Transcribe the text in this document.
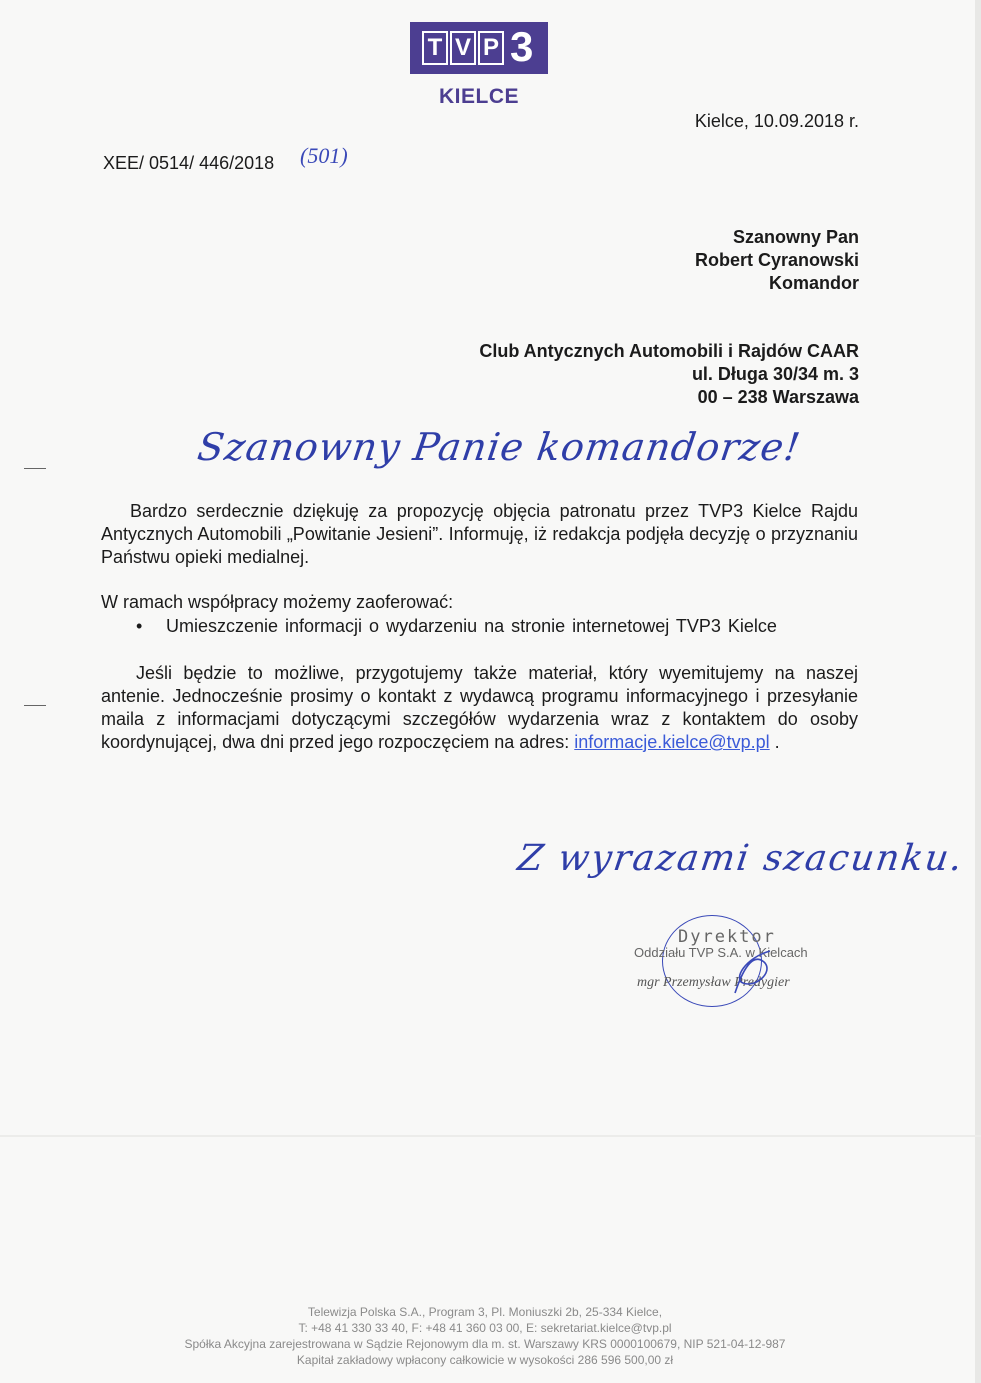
T V P 3
KIELCE
Kielce, 10.09.2018 r.
XEE/ 0514/ 446/2018 (501)
Szanowny Pan
Robert Cyranowski
Komandor
Club Antycznych Automobili i Rajdów CAAR
ul. Długa 30/34 m. 3
00 – 238 Warszawa
Szanowny Panie komandorze!
Bardzo serdecznie dziękuję za propozycję objęcia patronatu przez TVP3 Kielce Rajdu Antycznych Automobili „Powitanie Jesieni”. Informuję, iż redakcja podjęła decyzję o przyznaniu Państwu opieki medialnej.
W ramach współpracy możemy zaoferować:
• Umieszczenie informacji o wydarzeniu na stronie internetowej TVP3 Kielce
Jeśli będzie to możliwe, przygotujemy także materiał, który wyemitujemy na naszej antenie. Jednocześnie prosimy o kontakt z wydawcą programu informacyjnego i przesyłanie maila z informacjami dotyczącymi szczegółów wydarzenia wraz z kontaktem do osoby koordynującej, dwa dni przed jego rozpoczęciem na adres: informacje.kielce@tvp.pl .
Z wyrazami szacunku.
Dyrektor
Oddziału TVP S.A. w Kielcach
mgr Przemysław Predygier
Telewizja Polska S.A., Program 3, Pl. Moniuszki 2b, 25-334 Kielce,
T: +48 41 330 33 40, F: +48 41 360 03 00, E: sekretariat.kielce@tvp.pl
Spółka Akcyjna zarejestrowana w Sądzie Rejonowym dla m. st. Warszawy KRS 0000100679, NIP 521-04-12-987
Kapitał zakładowy wpłacony całkowicie w wysokości 286 596 500,00 zł
